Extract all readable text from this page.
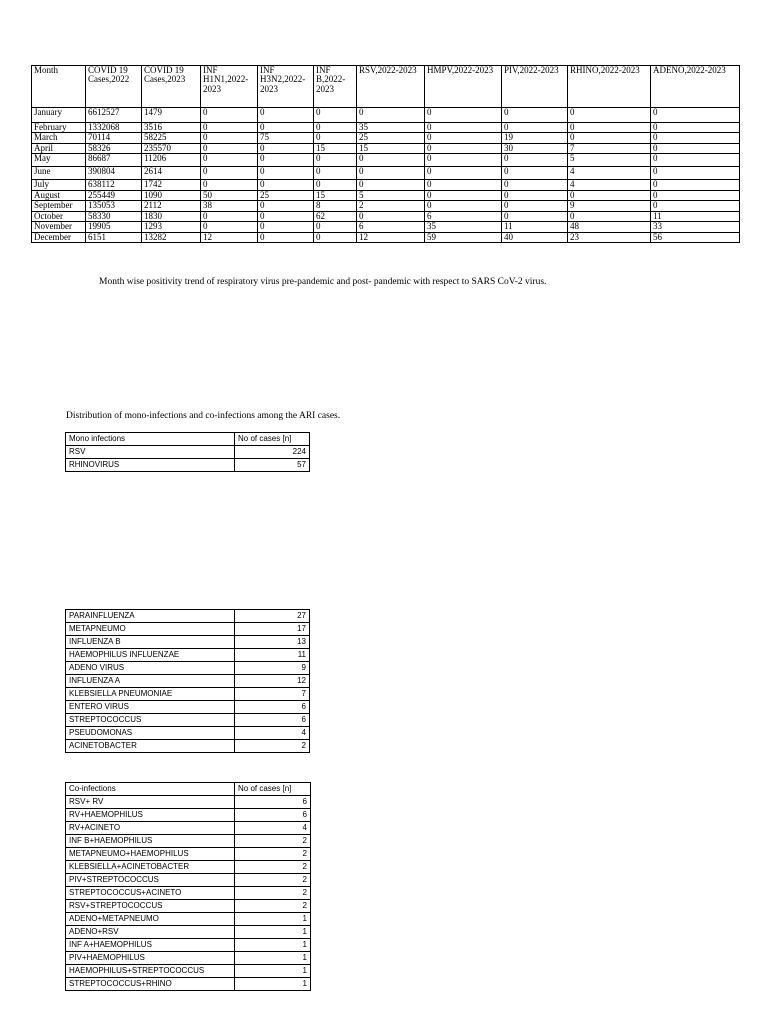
Month	COVID 19 Cases,2022	COVID 19 Cases,2023	INF H1N1,2022-2023	INF H3N2,2022-2023	INF B,2022-2023	RSV,2022-2023	HMPV,2022-2023	PIV,2022-2023	RHINO,2022-2023	ADENO,2022-2023
January	6612527	1479	0	0	0	0	0	0	0	0
February	1332068	3516	0	0	0	35	0	0	0	0
March	70114	58225	0	75	0	25	0	19	0	0
April	58326	235570	0	0	15	15	0	30	7	0
May	86687	11206	0	0	0	0	0	0	5	0
June	390804	2614	0	0	0	0	0	0	4	0
July	638112	1742	0	0	0	0	0	0	4	0
August	255449	1090	50	25	15	5	0	0	0	0
September	135053	2112	38	0	8	2	0	0	9	0
October	58330	1830	0	0	62	0	6	0	0	11
November	19905	1293	0	0	0	6	35	11	48	33
December	6151	13282	12	0	0	12	59	40	23	56
Month wise positivity trend of respiratory virus pre-pandemic and post- pandemic with respect to SARS CoV-2 virus.
Distribution of mono-infections and co-infections among the ARI cases.
Mono infections	No of cases [n]
RSV	224
RHINOVIRUS	57
PARAINFLUENZA	27
METAPNEUMO	17
INFLUENZA B	13
HAEMOPHILUS INFLUENZAE	11
ADENO VIRUS	9
INFLUENZA A	12
KLEBSIELLA PNEUMONIAE	7
ENTERO VIRUS	6
STREPTOCOCCUS	6
PSEUDOMONAS	4
ACINETOBACTER	2
Co-infections	No of cases [n]
RSV+ RV	6
RV+HAEMOPHILUS	6
RV+ACINETO	4
INF B+HAEMOPHILUS	2
METAPNEUMO+HAEMOPHILUS	2
KLEBSIELLA+ACINETOBACTER	2
PIV+STREPTOCOCCUS	2
STREPTOCOCCUS+ACINETO	2
RSV+STREPTOCOCCUS	2
ADENO+METAPNEUMO	1
ADENO+RSV	1
INF A+HAEMOPHILUS	1
PIV+HAEMOPHILUS	1
HAEMOPHILUS+STREPTOCOCCUS	1
STREPTOCOCCUS+RHINO	1
